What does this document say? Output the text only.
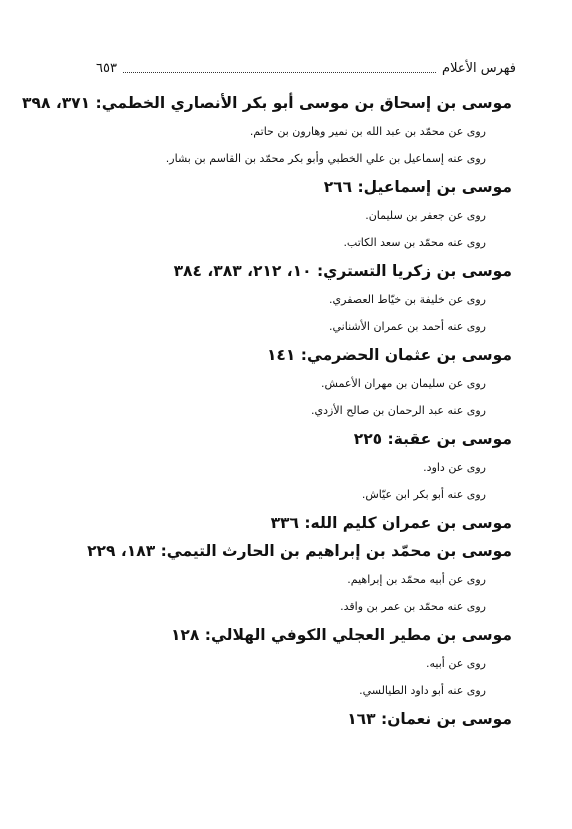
فهرس الأعلام
٦٥٣
موسى بن إسحاق بن موسى أبو بكر الأنصاري الخطمي: ٣٧١، ٣٩٨
روى عن محمّد بن عبد الله بن نمير وهارون بن حاتم.
روى عنه إسماعيل بن علي الخطبي وأبو بكر محمّد بن القاسم بن بشار.
موسى بن إسماعيل: ٢٦٦
روى عن جعفر بن سليمان.
روى عنه محمّد بن سعد الكاتب.
موسى بن زكريا التستري: ١٠، ٢١٢، ٣٨٣، ٣٨٤
روى عن خليفة بن خيّاط العصفري.
روى عنه أحمد بن عمران الأشناني.
موسى بن عثمان الحضرمي: ١٤١
روى عن سليمان بن مهران الأعمش.
روى عنه عبد الرحمان بن صالح الأزدي.
موسى بن عقبة: ٢٢٥
روى عن داود.
روى عنه أبو بكر ابن عيّاش.
موسى بن عمران كليم الله: ٣٣٦
موسى بن محمّد بن إبراهيم بن الحارث التيمي: ١٨٣، ٢٢٩
روى عن أبيه محمّد بن إبراهيم.
روى عنه محمّد بن عمر بن واقد.
موسى بن مطير العجلي الكوفي الهلالي: ١٢٨
روى عن أبيه.
روى عنه أبو داود الطيالسي.
موسى بن نعمان: ١٦٣
